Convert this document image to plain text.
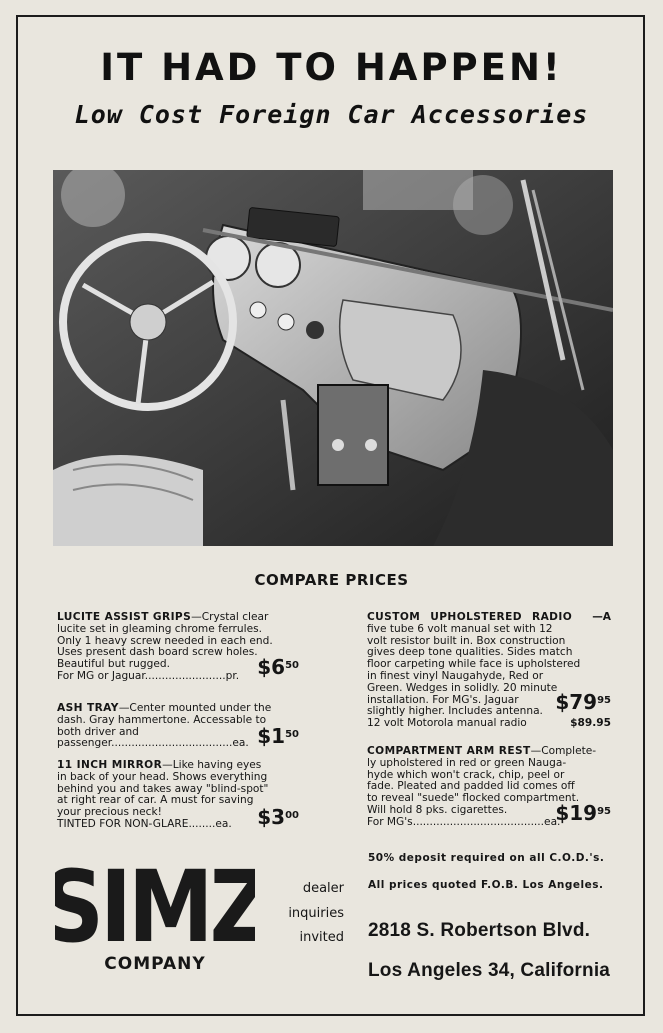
IT HAD TO HAPPEN!
Low Cost Foreign Car Accessories
COMPARE PRICES
LUCITE ASSIST GRIPS—Crystal clear
lucite set in gleaming chrome ferrules.
Only 1 heavy screw needed in each end.
Uses present dash board screw holes.
Beautiful but rugged.
For MG or Jaguar........................pr. $\$6^{50}$
ASH TRAY—Center mounted under the
dash. Gray hammertone. Accessable to
both driver and
passenger....................................ea. $\$1^{50}$
11 INCH MIRROR—Like having eyes
in back of your head. Shows everything
behind you and takes away "blind-spot"
at right rear of car. A must for saving
your precious neck!
TINTED FOR NON-GLARE........ea. $\$3^{00}$
CUSTOM UPHOLSTERED RADIO —A
five tube 6 volt manual set with 12
volt resistor built in. Box construction
gives deep tone qualities. Sides match
floor carpeting while face is upholstered
in finest vinyl Naugahyde, Red or
Green. Wedges in solidly. 20 minute
installation. For MG's. Jaguar $\$79^{95}$
slightly higher. Includes antenna.
12 volt Motorola manual radio	$89.95
COMPARTMENT ARM REST—Complete-
ly upholstered in red or green Nauga-
hyde which won't crack, chip, peel or
fade. Pleated and padded lid comes off
to reveal "suede" flocked compartment.
Will hold 8 pks. cigarettes.
For MG's.......................................ea.
$\$19^{95}$
IMZ
COMPANY
dealer
inquiries
invited
50% deposit required on all C.O.D.'s.
All prices quoted F.O.B. Los Angeles.
2818 S. Robertson Blvd.
Los Angeles 34, California
